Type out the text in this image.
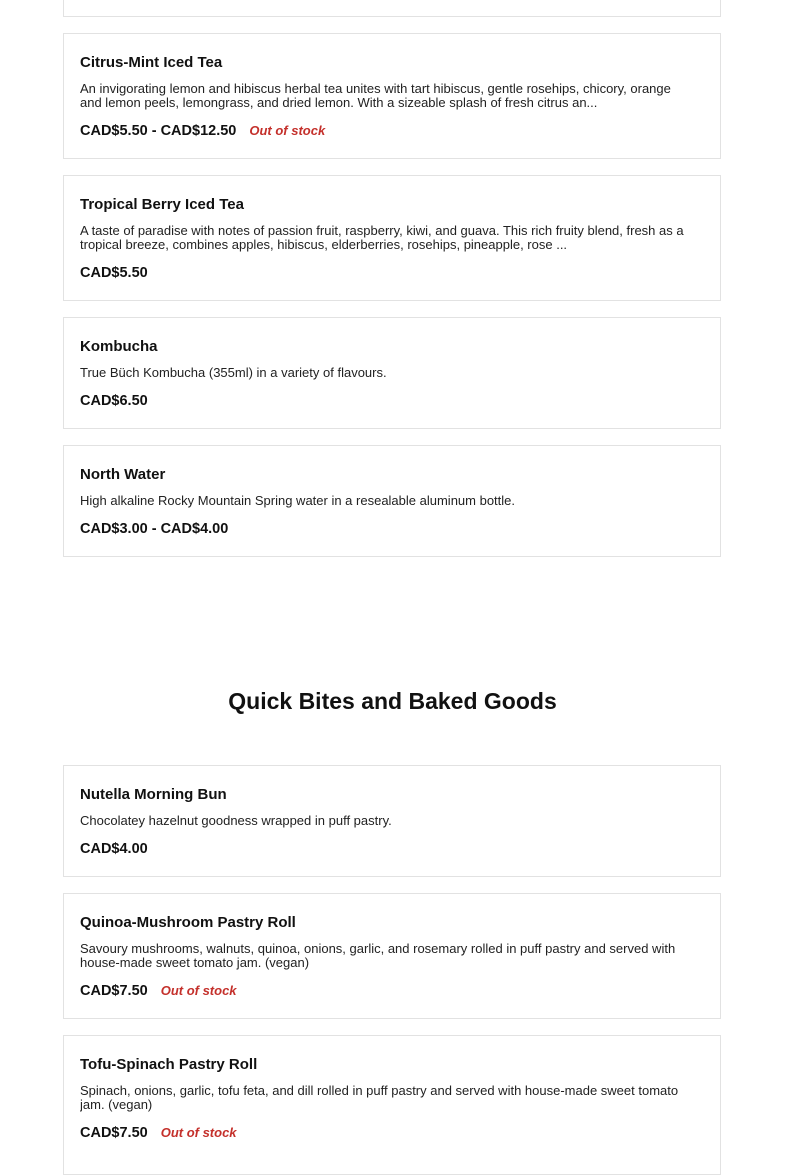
Citrus-Mint Iced Tea
An invigorating lemon and hibiscus herbal tea unites with tart hibiscus, gentle rosehips, chicory, orange and lemon peels, lemongrass, and dried lemon. With a sizeable splash of fresh citrus an...
CAD$5.50 - CAD$12.50 Out of stock
Tropical Berry Iced Tea
A taste of paradise with notes of passion fruit, raspberry, kiwi, and guava. This rich fruity blend, fresh as a tropical breeze, combines apples, hibiscus, elderberries, rosehips, pineapple, rose ...
CAD$5.50
Kombucha
True Büch Kombucha (355ml) in a variety of flavours.
CAD$6.50
North Water
High alkaline Rocky Mountain Spring water in a resealable aluminum bottle.
CAD$3.00 - CAD$4.00
Quick Bites and Baked Goods
Nutella Morning Bun
Chocolatey hazelnut goodness wrapped in puff pastry.
CAD$4.00
Quinoa-Mushroom Pastry Roll
Savoury mushrooms, walnuts, quinoa, onions, garlic, and rosemary rolled in puff pastry and served with house-made sweet tomato jam. (vegan)
CAD$7.50 Out of stock
Tofu-Spinach Pastry Roll
Spinach, onions, garlic, tofu feta, and dill rolled in puff pastry and served with house-made sweet tomato jam. (vegan)
CAD$7.50 Out of stock
